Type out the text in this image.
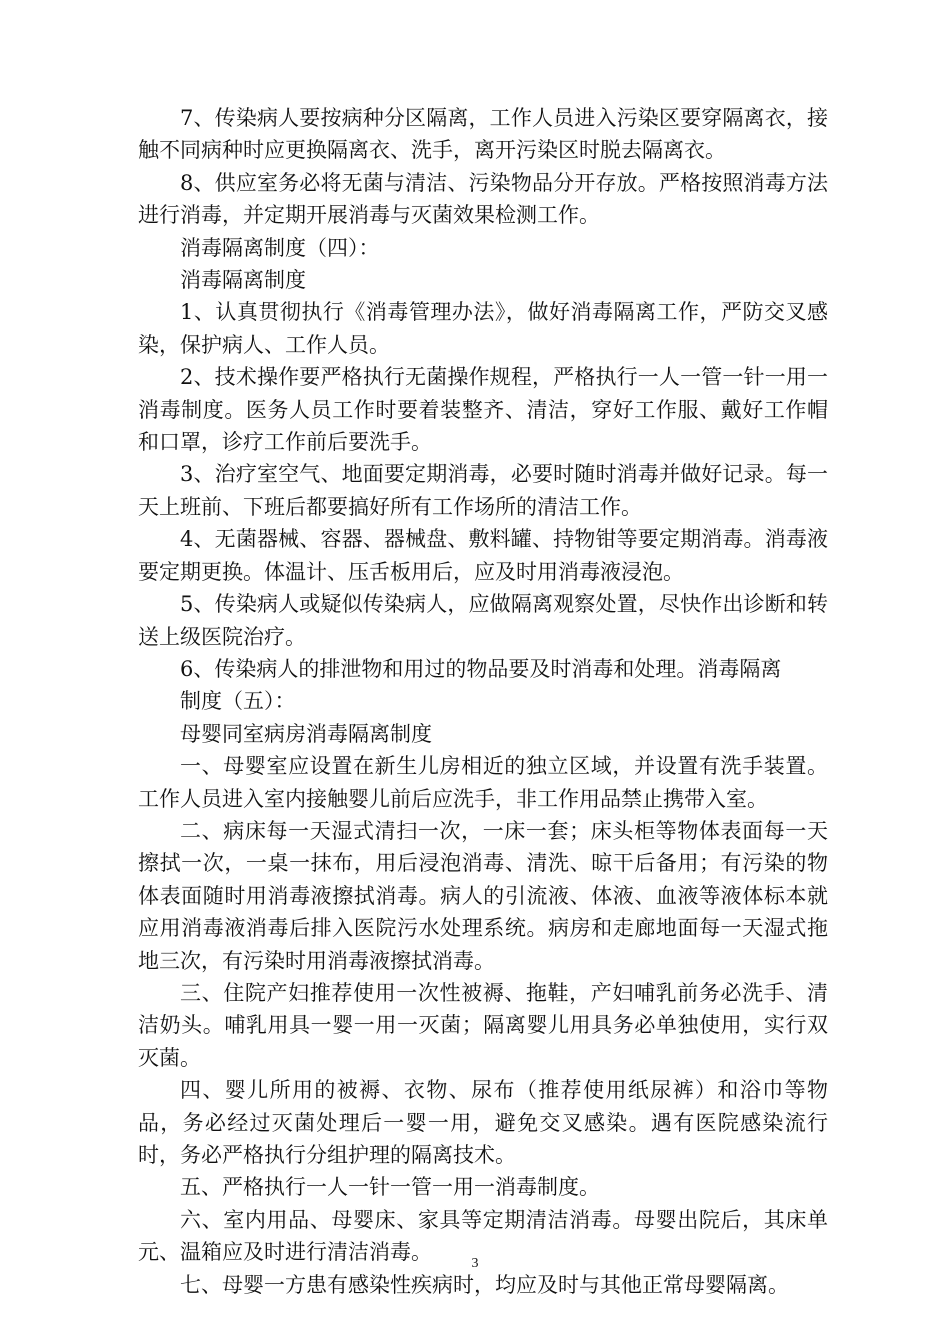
7、传染病人要按病种分区隔离，工作人员进入污染区要穿隔离衣，接触不同病种时应更换隔离衣、洗手，离开污染区时脱去隔离衣。

8、供应室务必将无菌与清洁、污染物品分开存放。严格按照消毒方法进行消毒，并定期开展消毒与灭菌效果检测工作。

消毒隔离制度（四）：

消毒隔离制度

1、认真贯彻执行《消毒管理办法》，做好消毒隔离工作，严防交叉感染，保护病人、工作人员。

2、技术操作要严格执行无菌操作规程，严格执行一人一管一针一用一消毒制度。医务人员工作时要着装整齐、清洁，穿好工作服、戴好工作帽和口罩，诊疗工作前后要洗手。

3、治疗室空气、地面要定期消毒，必要时随时消毒并做好记录。每一天上班前、下班后都要搞好所有工作场所的清洁工作。

4、无菌器械、容器、器械盘、敷料罐、持物钳等要定期消毒。消毒液要定期更换。体温计、压舌板用后，应及时用消毒液浸泡。

5、传染病人或疑似传染病人，应做隔离观察处置，尽快作出诊断和转送上级医院治疗。

6、传染病人的排泄物和用过的物品要及时消毒和处理。消毒隔离

制度（五）：

母婴同室病房消毒隔离制度

一、母婴室应设置在新生儿房相近的独立区域，并设置有洗手装置。工作人员进入室内接触婴儿前后应洗手，非工作用品禁止携带入室。

二、病床每一天湿式清扫一次，一床一套；床头柜等物体表面每一天擦拭一次，一桌一抹布，用后浸泡消毒、清洗、晾干后备用；有污染的物体表面随时用消毒液擦拭消毒。病人的引流液、体液、血液等液体标本就应用消毒液消毒后排入医院污水处理系统。病房和走廊地面每一天湿式拖地三次，有污染时用消毒液擦拭消毒。

三、住院产妇推荐使用一次性被褥、拖鞋，产妇哺乳前务必洗手、清洁奶头。哺乳用具一婴一用一灭菌；隔离婴儿用具务必单独使用，实行双灭菌。

四、婴儿所用的被褥、衣物、尿布（推荐使用纸尿裤）和浴巾等物品，务必经过灭菌处理后一婴一用，避免交叉感染。遇有医院感染流行时，务必严格执行分组护理的隔离技术。

五、严格执行一人一针一管一用一消毒制度。

六、室内用品、母婴床、家具等定期清洁消毒。母婴出院后，其床单元、温箱应及时进行清洁消毒。

七、母婴一方患有感染性疾病时，均应及时与其他正常母婴隔离。

3
